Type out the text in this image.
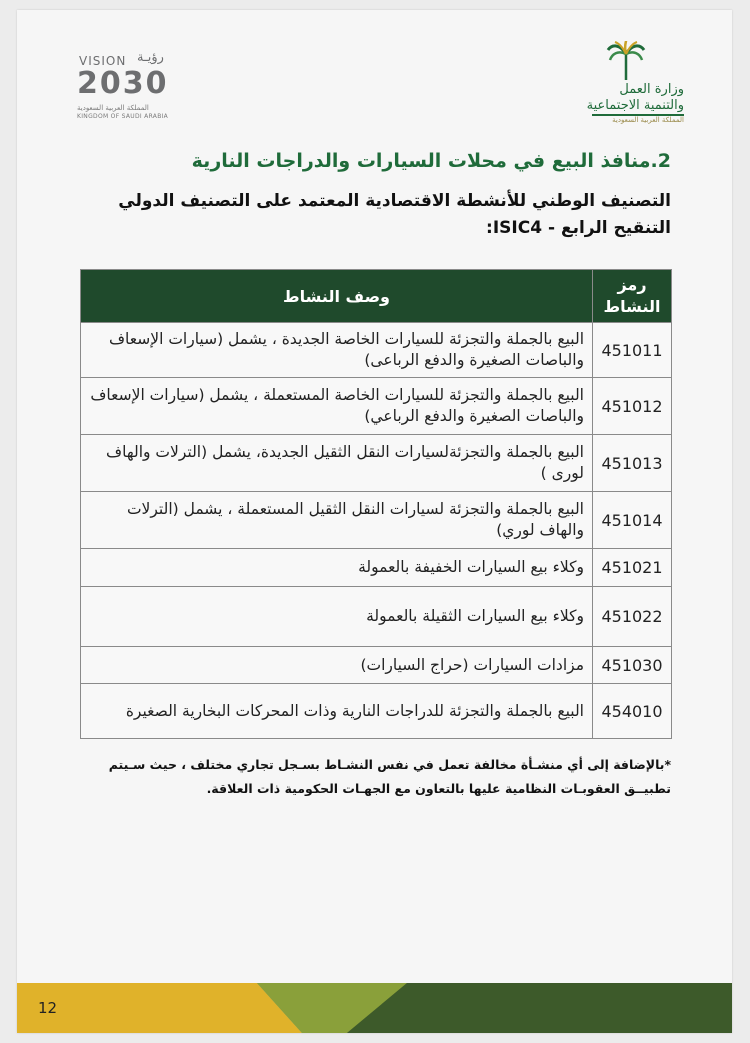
VISION رؤيـة
2030
المملكة العربية السعودية
KINGDOM OF SAUDI ARABIA
وزارة العمل
والتنمية الاجتماعية
المملكة العربية السعودية
2.منافذ البيع في محلات السيارات والدراجات النارية
التصنيف الوطني للأنشطة الاقتصادية المعتمد على التصنيف الدولي
التنقيح الرابع - ISIC4:
رمز النشاط	وصف النشاط
451011	البيع بالجملة والتجزئة للسيارات الخاصة الجديدة ، يشمل (سيارات الإسعاف والباصات الصغيرة والدفع الرباعى)
451012	البيع بالجملة والتجزئة للسيارات الخاصة المستعملة ، يشمل (سيارات الإسعاف والباصات الصغيرة والدفع الرباعي)
451013	البيع بالجملة والتجزئةلسيارات النقل الثقيل الجديدة، يشمل (الترلات والهاف لورى )
451014	البيع بالجملة والتجزئة لسيارات النقل الثقيل المستعملة ، يشمل (الترلات والهاف لوري)
451021	وكلاء بيع السيارات الخفيفة بالعمولة
451022	وكلاء بيع السيارات الثقيلة بالعمولة
451030	مزادات السيارات (حراج السيارات)
454010	البيع بالجملة والتجزئة للدراجات النارية وذات المحركات البخارية الصغيرة
*بالإضافة إلى أي منشـأة مخالفة تعمل في نفس النشـاط بسـجل تجاري مختلف ، حيث سـيتم تطبيــق العقوبـات النظامية عليها بالتعاون مع الجهـات الحكومية ذات العلاقة.
12
